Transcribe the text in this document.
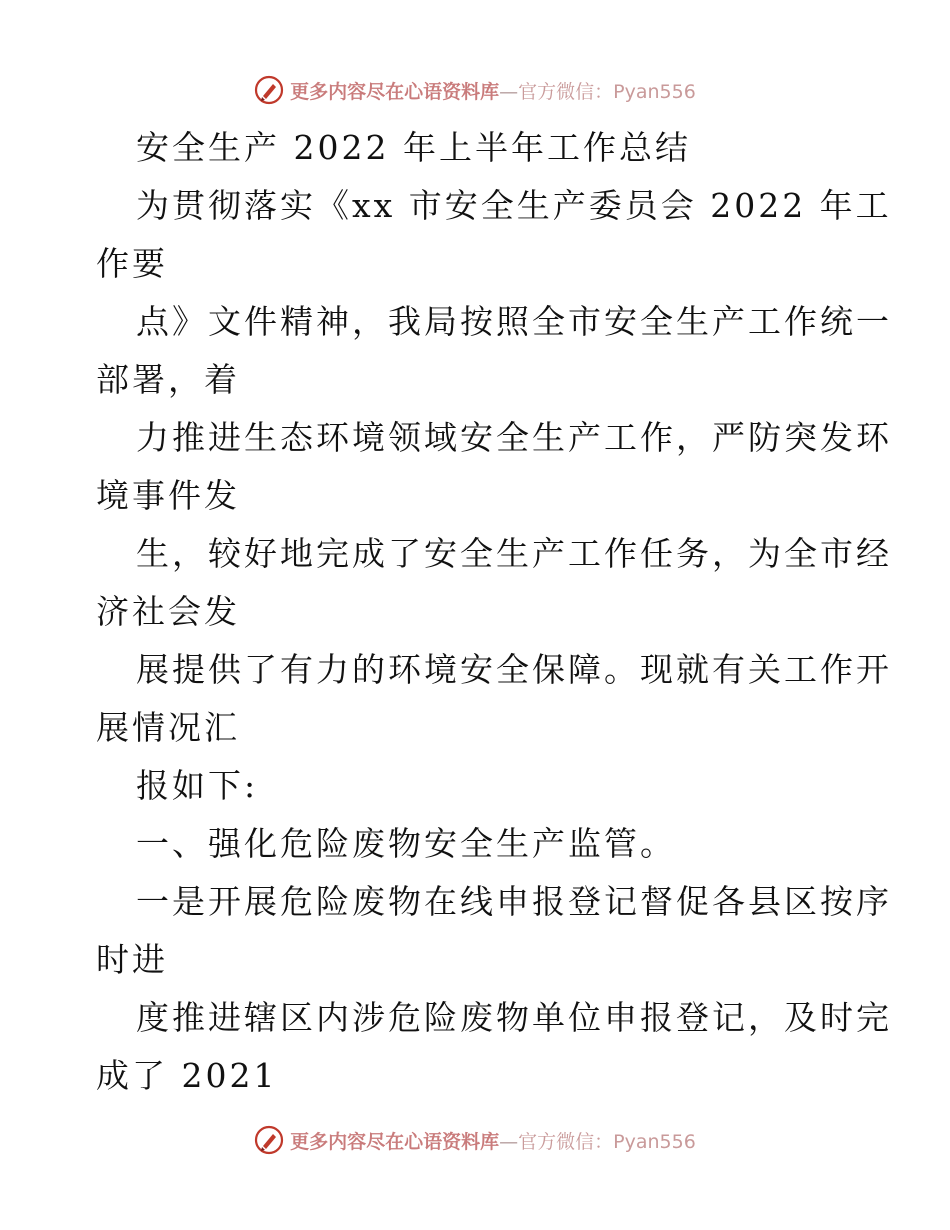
更多内容尽在心语资料库—官方微信：Pyan556
安全生产 2022 年上半年工作总结
为贯彻落实《xx 市安全生产委员会 2022 年工
作要
点》文件精神，我局按照全市安全生产工作统一
部署，着
力推进生态环境领域安全生产工作，严防突发环
境事件发
生，较好地完成了安全生产工作任务，为全市经
济社会发
展提供了有力的环境安全保障。现就有关工作开
展情况汇
报如下:
一、强化危险废物安全生产监管。
一是开展危险废物在线申报登记督促各县区按序
时进
度推进辖区内涉危险废物单位申报登记，及时完
成了 2021
更多内容尽在心语资料库—官方微信：Pyan556
